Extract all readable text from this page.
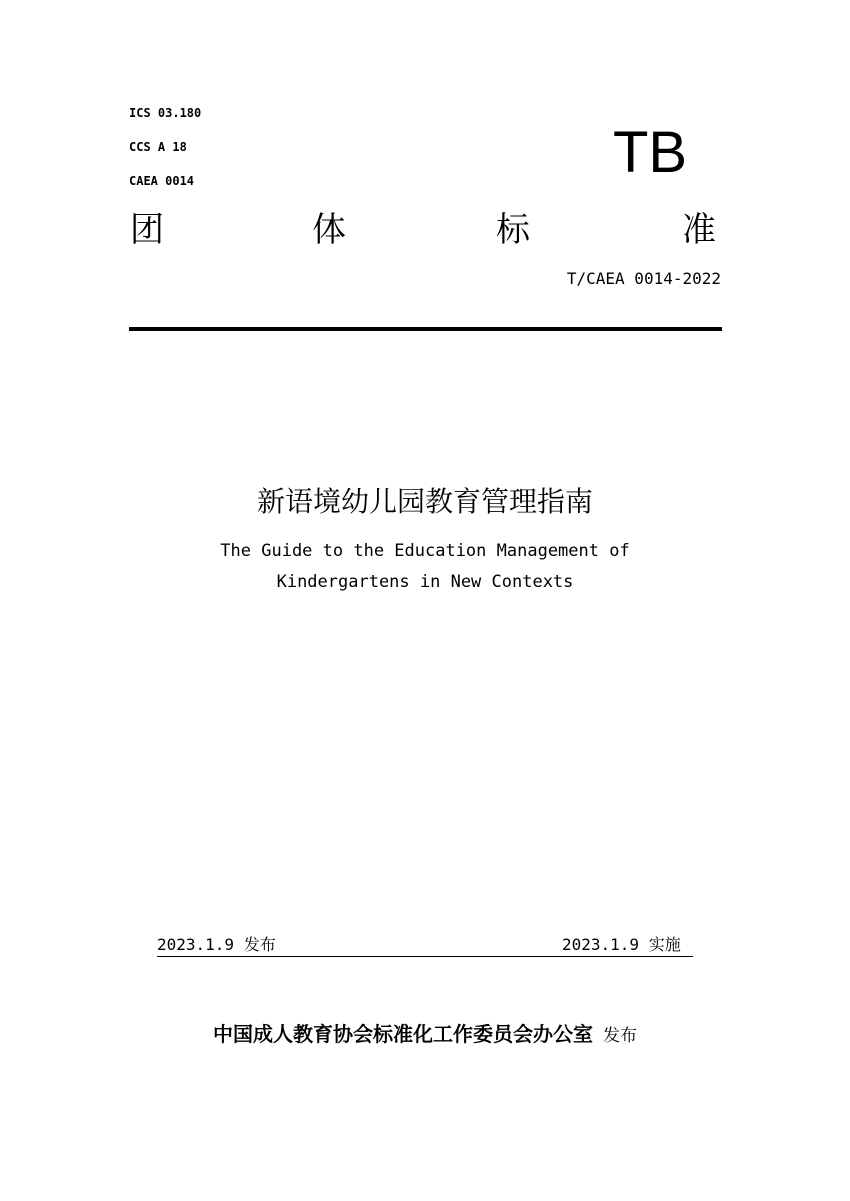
ICS 03.180
CCS A 18
CAEA 0014	TB
团	体	标	准
T/CAEA 0014-2022
新语境幼儿园教育管理指南
The Guide to the Education Management of
Kindergartens in New Contexts
2023.1.9 发布	2023.1.9 实施
中国成人教育协会标准化工作委员会办公室 发布
